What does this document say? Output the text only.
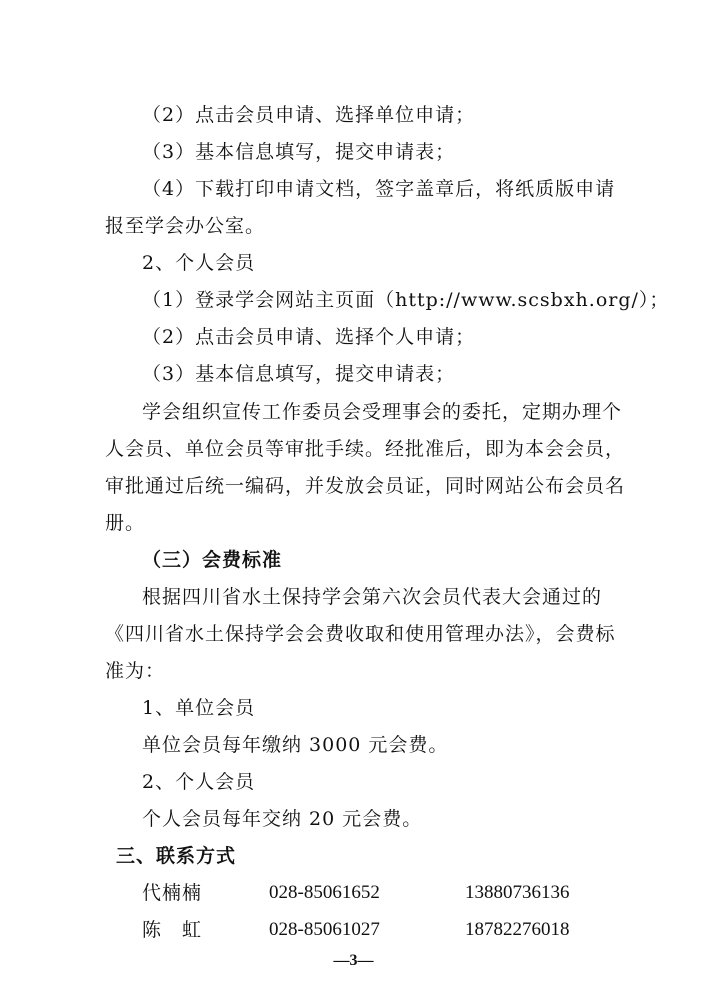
（2）点击会员申请、选择单位申请；
（3）基本信息填写，提交申请表；
（4）下载打印申请文档，签字盖章后，将纸质版申请
报至学会办公室。
2、个人会员
（1）登录学会网站主页面（http://www.scsbxh.org/）；
（2）点击会员申请、选择个人申请；
（3）基本信息填写，提交申请表；
学会组织宣传工作委员会受理事会的委托，定期办理个
人会员、单位会员等审批手续。经批准后，即为本会会员，
审批通过后统一编码，并发放会员证，同时网站公布会员名
册。
（三）会费标准
根据四川省水土保持学会第六次会员代表大会通过的
《四川省水土保持学会会费收取和使用管理办法》，会费标
准为：
1、单位会员
单位会员每年缴纳 3000 元会费。
2、个人会员
个人会员每年交纳 20 元会费。
三、联系方式
代楠楠	028-85061652	13880736136
陈　虹	028-85061027	18782276018
—3—
